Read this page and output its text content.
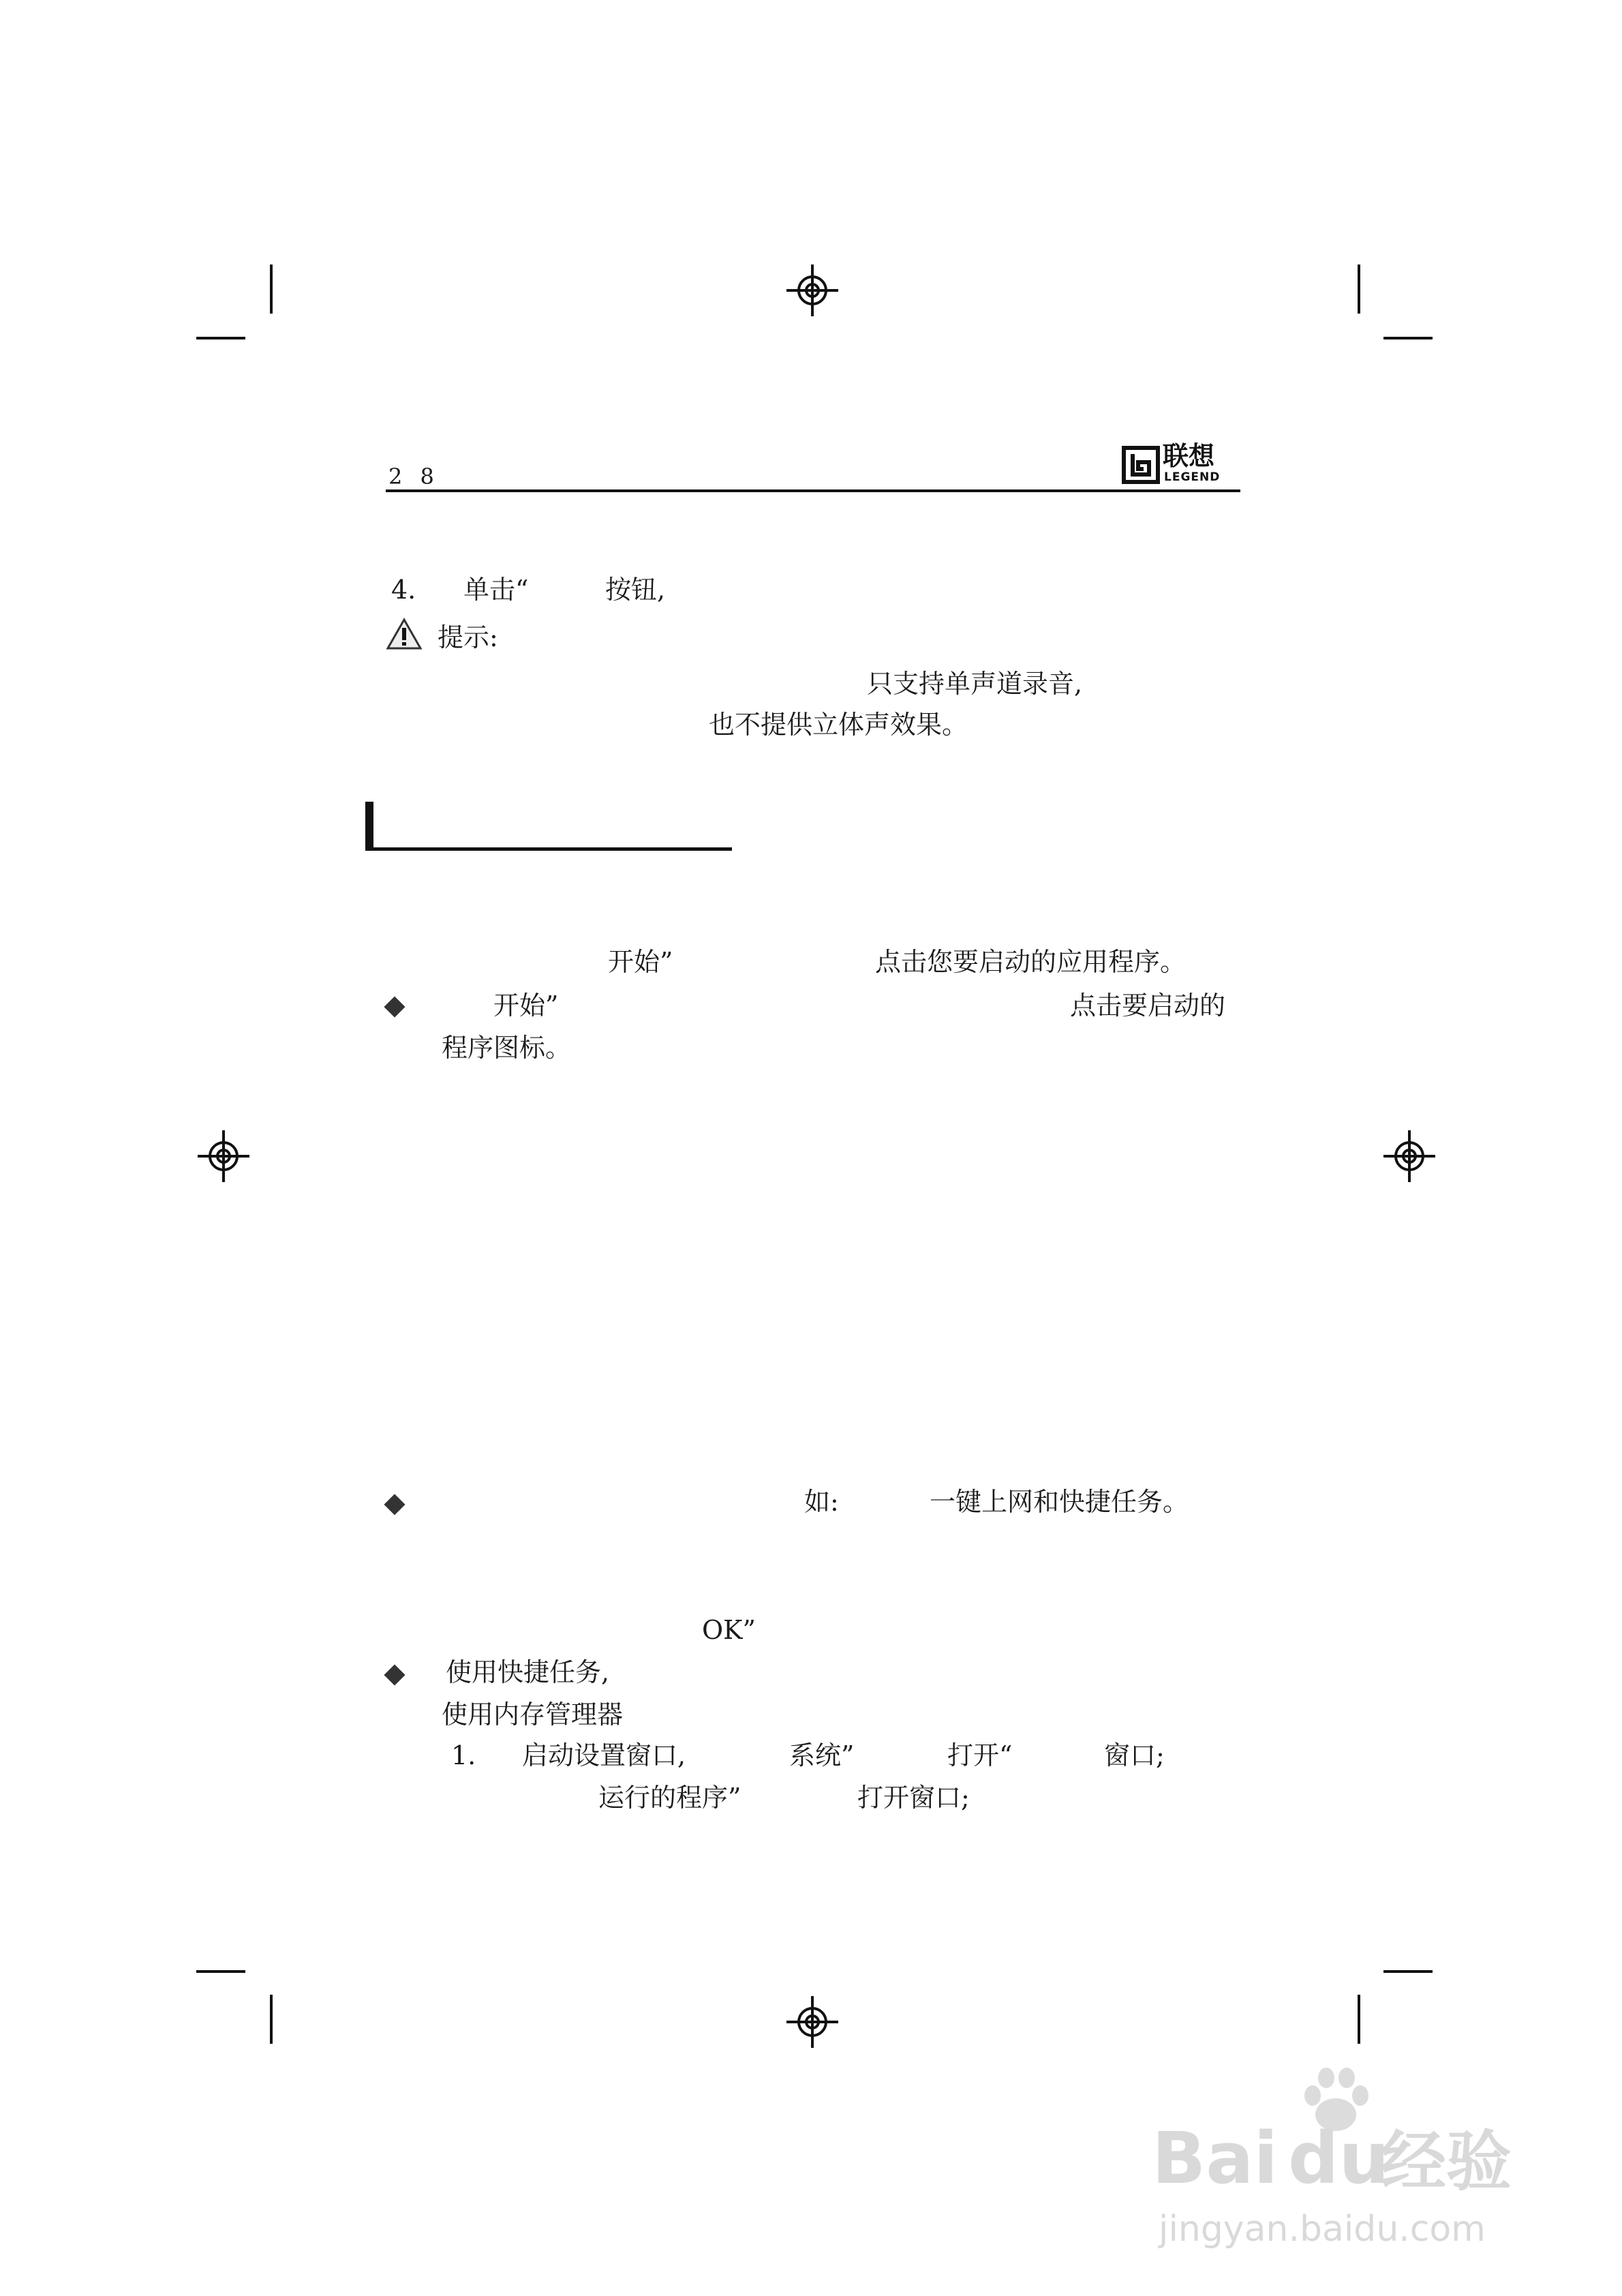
2 8
联想
LEGEND
4. 单击“	按钮,
提示:
只支持单声道录音,
也不提供立体声效果。
开始”	点击您要启动的应用程序。
开始”	点击要启动的
程序图标。
如:	一键上网和快捷任务。
OK”
使用快捷任务,
使用内存管理器
1. 启动设置窗口,	系统”	打开“	窗口;
运行的程序”	打开窗口;
Bai du
经验
jingyan.baidu.com
